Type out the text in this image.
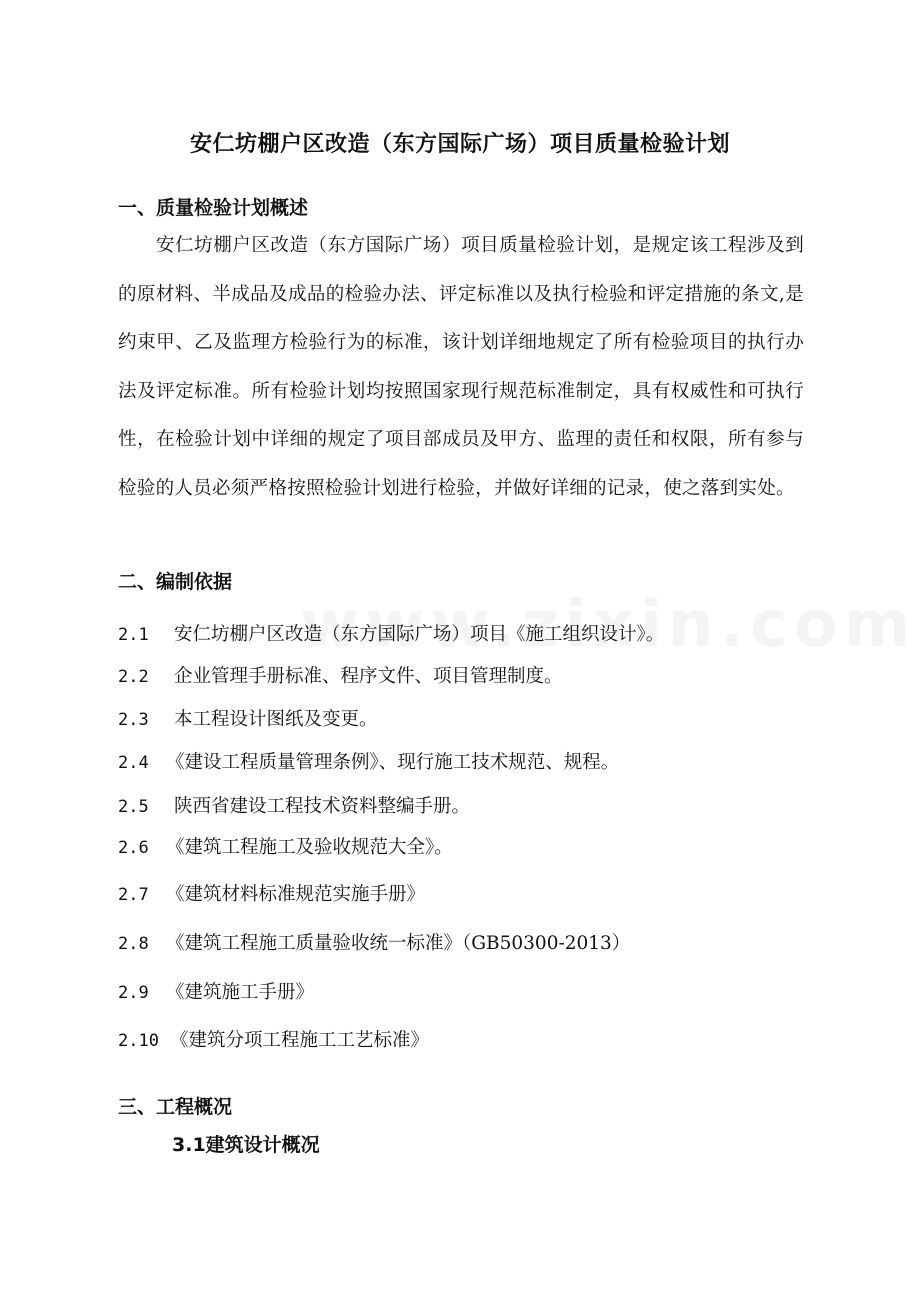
安仁坊棚户区改造（东方国际广场）项目质量检验计划
一、质量检验计划概述
安仁坊棚户区改造（东方国际广场）项目质量检验计划，是规定该工程涉及到的原材料、半成品及成品的检验办法、评定标准以及执行检验和评定措施的条文,是约束甲、乙及监理方检验行为的标准，该计划详细地规定了所有检验项目的执行办法及评定标准。所有检验计划均按照国家现行规范标准制定，具有权威性和可执行性，在检验计划中详细的规定了项目部成员及甲方、监理的责任和权限，所有参与检验的人员必须严格按照检验计划进行检验，并做好详细的记录，使之落到实处。
二、编制依据
2.1 安仁坊棚户区改造（东方国际广场）项目《施工组织设计》。
2.2 企业管理手册标准、程序文件、项目管理制度。
2.3 本工程设计图纸及变更。
2.4 《建设工程质量管理条例》、现行施工技术规范、规程。
2.5 陕西省建设工程技术资料整编手册。
2.6 《建筑工程施工及验收规范大全》。
2.7 《建筑材料标准规范实施手册》
2.8 《建筑工程施工质量验收统一标准》（GB50300-2013）
2.9 《建筑施工手册》
2.10 《建筑分项工程施工工艺标准》
三、工程概况
3.1建筑设计概况
